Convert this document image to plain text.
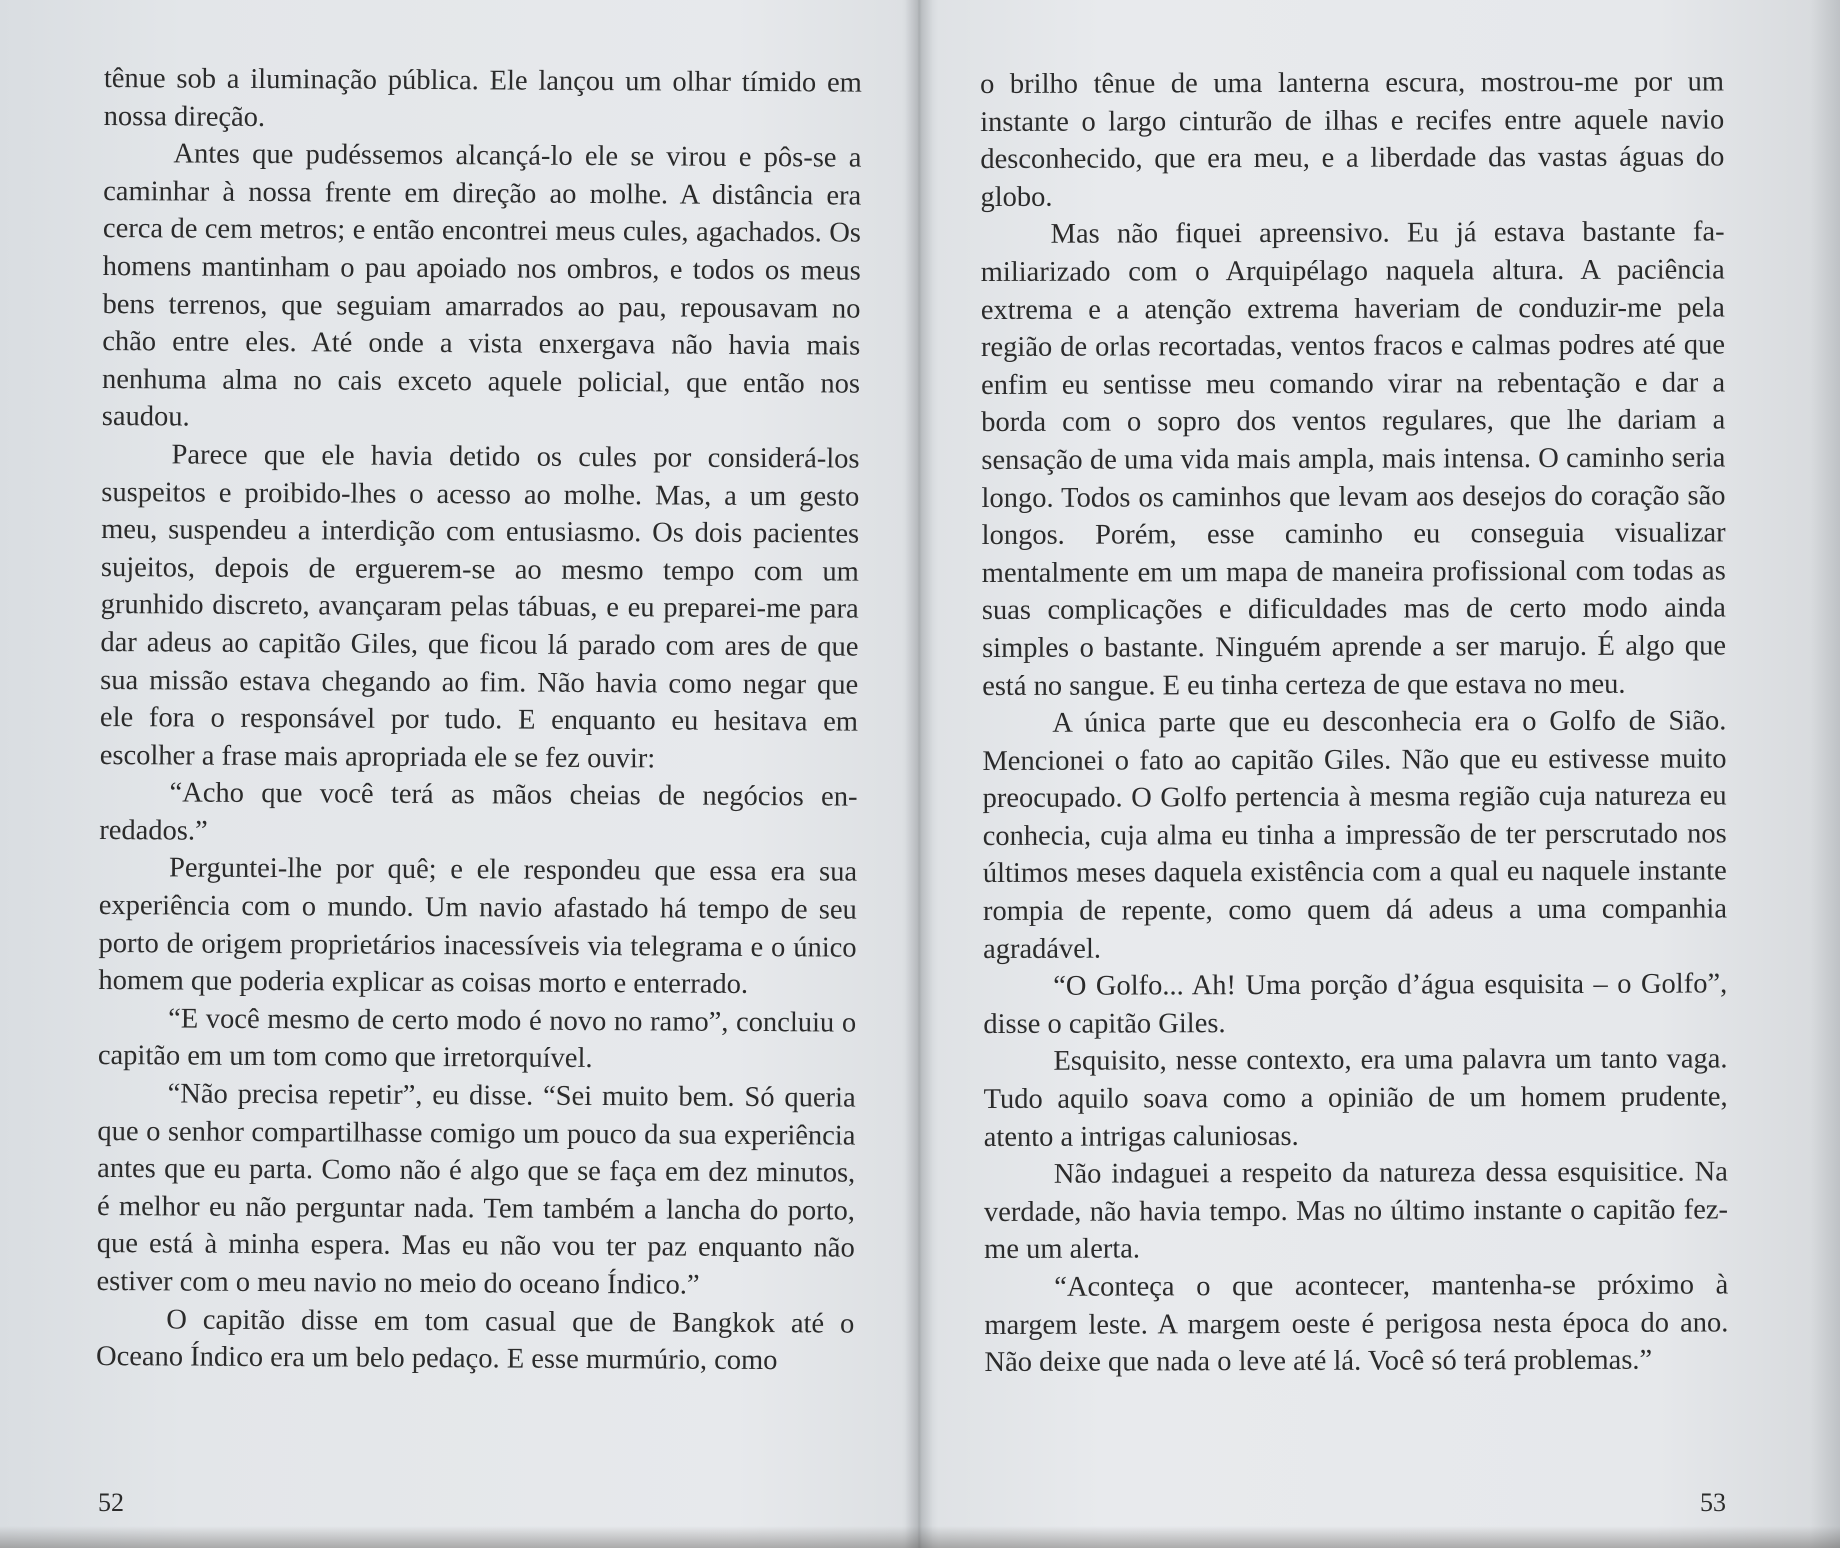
tênue sob a iluminação pública. Ele lançou um olhar tímido em nossa direção.

Antes que pudéssemos alcançá-lo ele se virou e pôs-se a caminhar à nossa frente em direção ao molhe. A distância era cerca de cem metros; e então encontrei meus cules, agachados. Os homens mantinham o pau apoiado nos ombros, e todos os meus bens terrenos, que seguiam amarrados ao pau, repousavam no chão entre eles. Até onde a vista enxergava não havia mais nenhuma alma no cais exceto aquele policial, que então nos saudou.

Parece que ele havia detido os cules por considerá-los suspeitos e proibido-lhes o acesso ao molhe. Mas, a um gesto meu, suspendeu a interdição com entusiasmo. Os dois pacientes sujeitos, depois de erguerem-se ao mesmo tempo com um grunhido discreto, avançaram pelas tábuas, e eu preparei-me para dar adeus ao capitão Giles, que ficou lá parado com ares de que sua missão estava chegando ao fim. Não havia como negar que ele fora o responsável por tudo. E enquanto eu hesitava em escolher a frase mais apropriada ele se fez ouvir:

“Acho que você terá as mãos cheias de negócios enredados.”

Perguntei-lhe por quê; e ele respondeu que essa era sua experiência com o mundo. Um navio afastado há tempo de seu porto de origem proprietários inacessíveis via telegrama e o único homem que poderia explicar as coisas morto e enterrado.

“E você mesmo de certo modo é novo no ramo”, concluiu o capitão em um tom como que irretorquível.

“Não precisa repetir”, eu disse. “Sei muito bem. Só queria que o senhor compartilhasse comigo um pouco da sua experiência antes que eu parta. Como não é algo que se faça em dez minutos, é melhor eu não perguntar nada. Tem também a lancha do porto, que está à minha espera. Mas eu não vou ter paz enquanto não estiver com o meu navio no meio do oceano Índico.”

O capitão disse em tom casual que de Bangkok até o Oceano Índico era um belo pedaço. E esse murmúrio, como

o brilho tênue de uma lanterna escura, mostrou-me por um instante o largo cinturão de ilhas e recifes entre aquele navio desconhecido, que era meu, e a liberdade das vastas águas do globo.

Mas não fiquei apreensivo. Eu já estava bastante familiarizado com o Arquipélago naquela altura. A paciência extrema e a atenção extrema haveriam de conduzir-me pela região de orlas recortadas, ventos fracos e calmas podres até que enfim eu sentisse meu comando virar na rebentação e dar a borda com o sopro dos ventos regulares, que lhe dariam a sensação de uma vida mais ampla, mais intensa. O caminho seria longo. Todos os caminhos que levam aos desejos do coração são longos. Porém, esse caminho eu conseguia visualizar mentalmente em um mapa de maneira profissional com todas as suas complicações e dificuldades mas de certo modo ainda simples o bastante. Ninguém aprende a ser marujo. É algo que está no sangue. E eu tinha certeza de que estava no meu.

A única parte que eu desconhecia era o Golfo de Sião. Mencionei o fato ao capitão Giles. Não que eu estivesse muito preocupado. O Golfo pertencia à mesma região cuja natureza eu conhecia, cuja alma eu tinha a impressão de ter perscrutado nos últimos meses daquela existência com a qual eu naquele instante rompia de repente, como quem dá adeus a uma companhia agradável.

“O Golfo... Ah! Uma porção d’água esquisita – o Golfo”, disse o capitão Giles.

Esquisito, nesse contexto, era uma palavra um tanto vaga. Tudo aquilo soava como a opinião de um homem prudente, atento a intrigas caluniosas.

Não indaguei a respeito da natureza dessa esquisitice. Na verdade, não havia tempo. Mas no último instante o capitão fez-me um alerta.

“Aconteça o que acontecer, mantenha-se próximo à margem leste. A margem oeste é perigosa nesta época do ano. Não deixe que nada o leve até lá. Você só terá problemas.”

52	53
